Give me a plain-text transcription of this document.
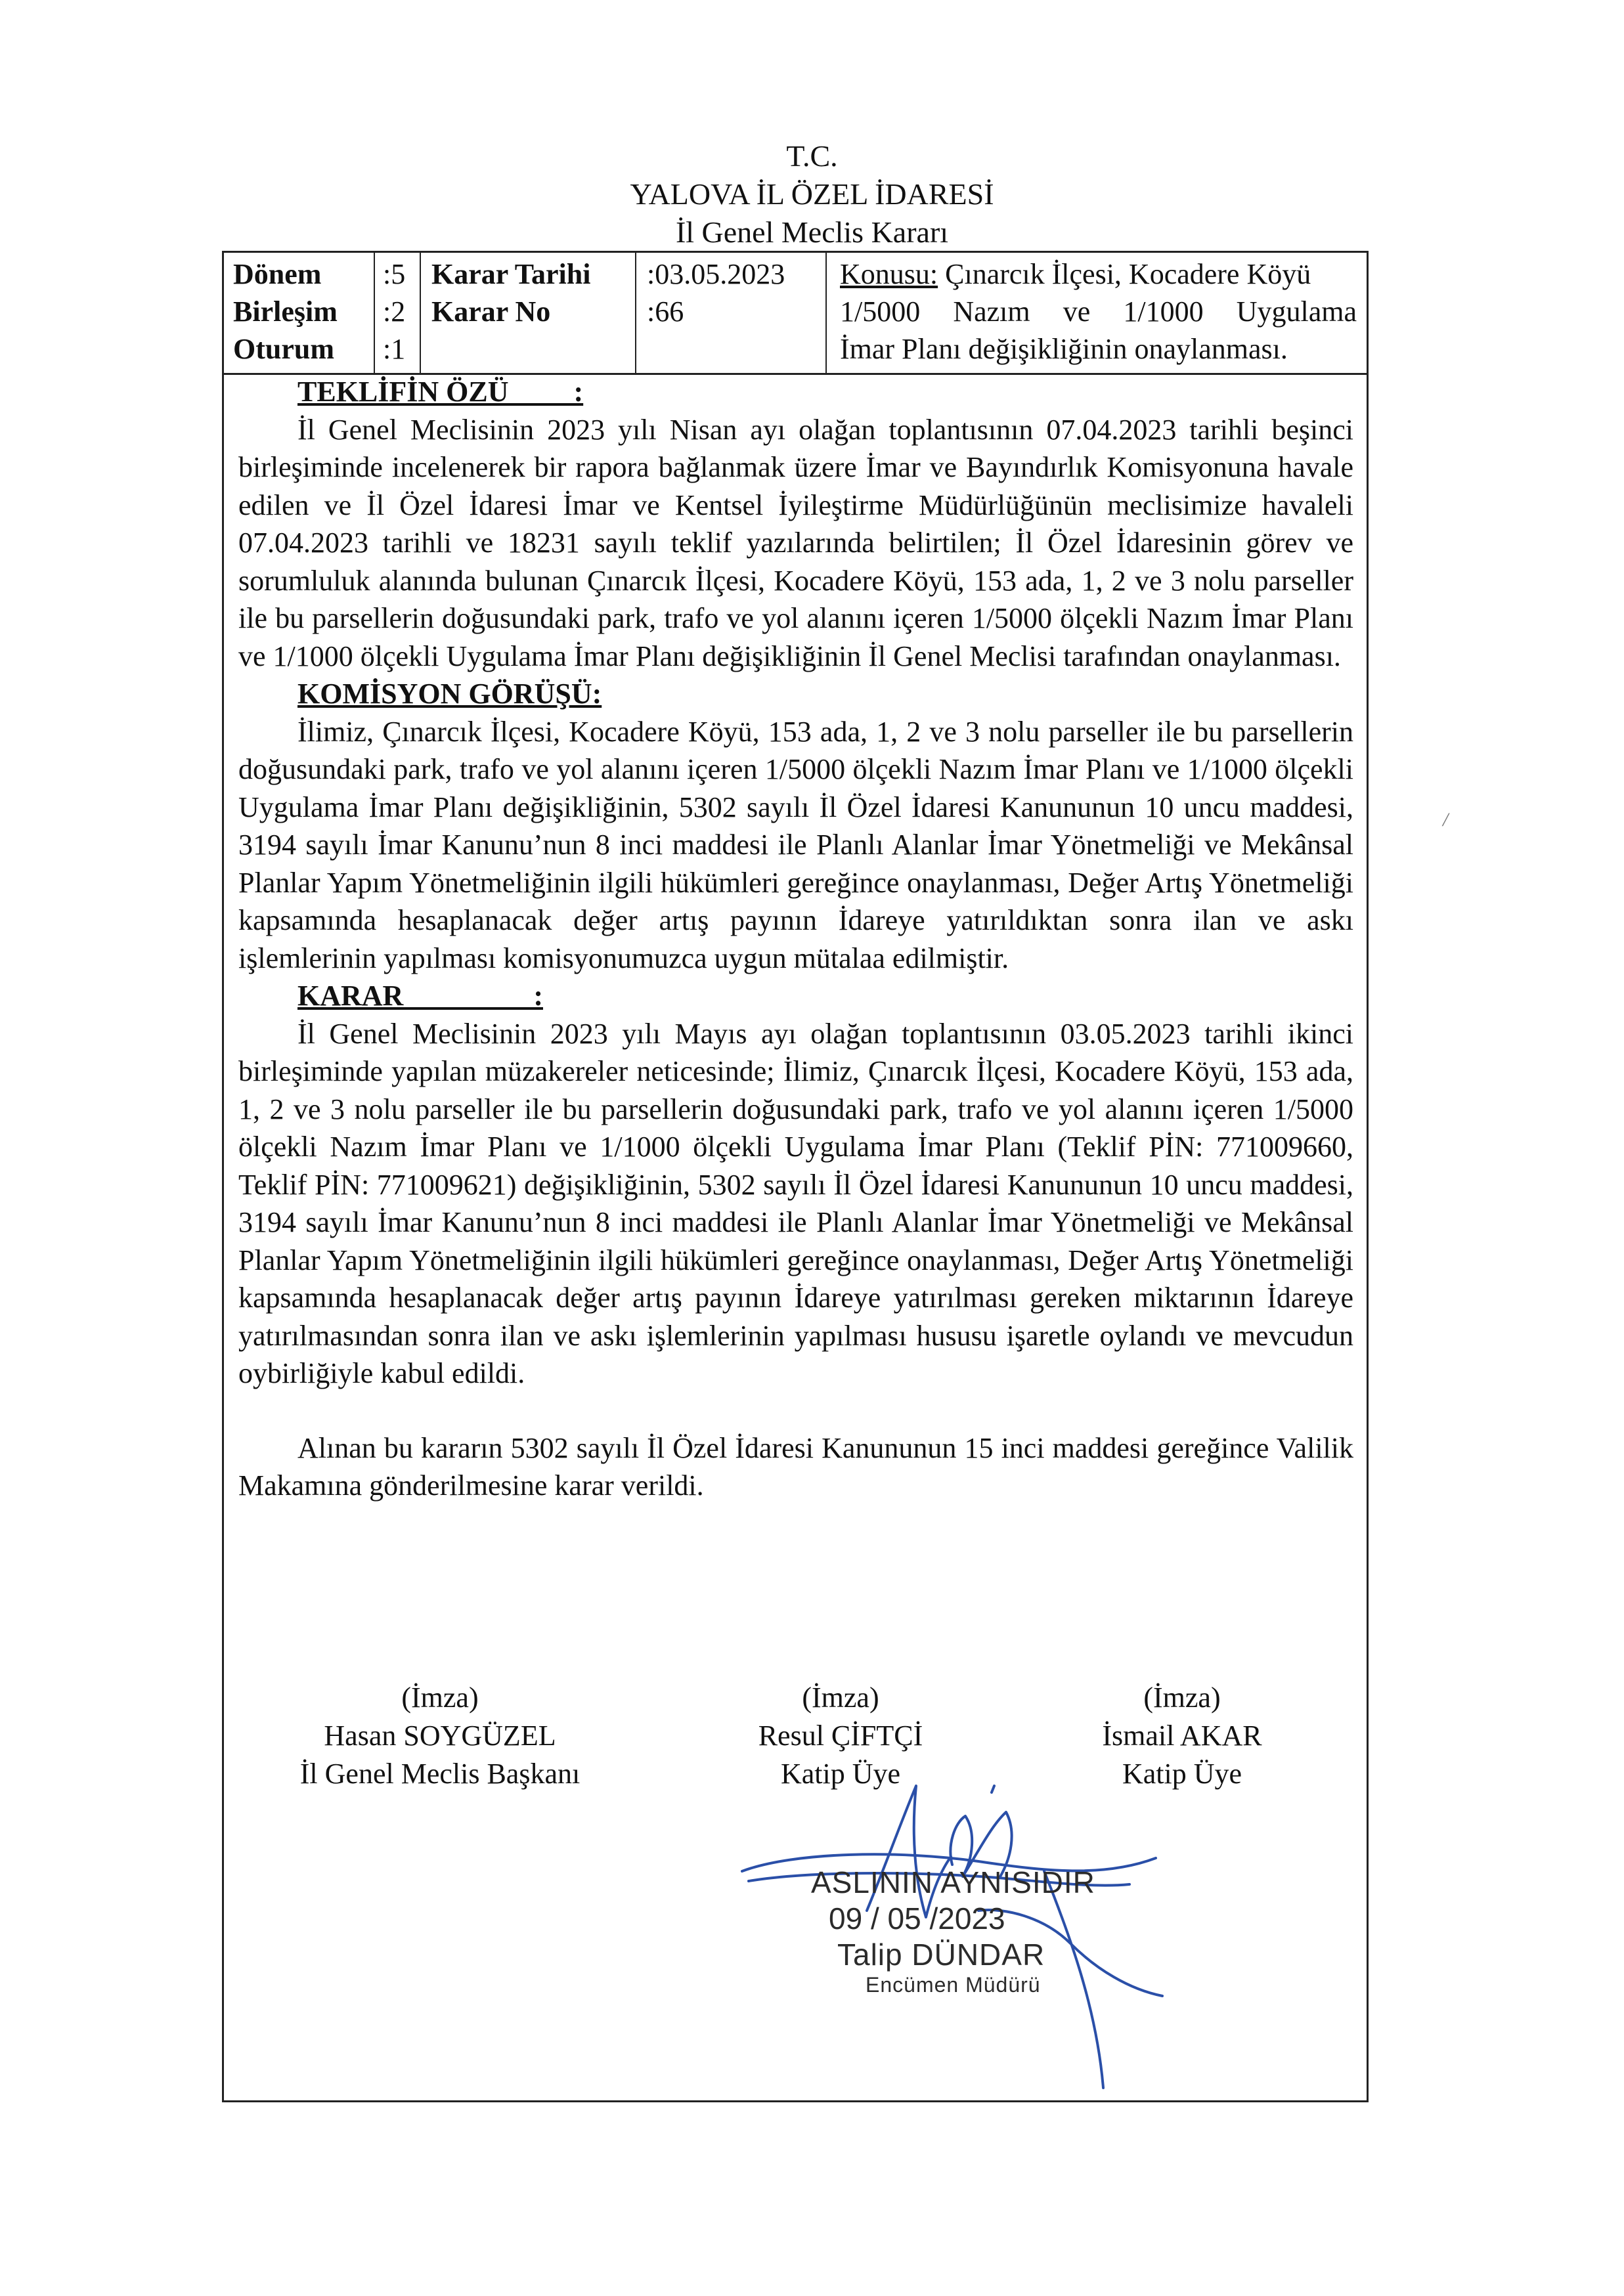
T.C.
YALOVA İL ÖZEL İDARESİ
İl Genel Meclis Kararı
Dönem
Birleşim
Oturum
:5
:2
:1
Karar Tarihi
Karar No
:03.05.2023
:66
Konusu: Çınarcık İlçesi, Kocadere Köyü
1/5000 Nazım ve 1/1000 Uygulama
İmar Planı değişikliğinin onaylanması.
TEKLİFİN ÖZÜ         :

İl Genel Meclisinin 2023 yılı Nisan ayı olağan toplantısının 07.04.2023 tarihli beşinci birleşiminde incelenerek bir rapora bağlanmak üzere İmar ve Bayındırlık Komisyonuna havale edilen ve İl Özel İdaresi İmar ve Kentsel İyileştirme Müdürlüğünün meclisimize havaleli 07.04.2023 tarihli ve 18231 sayılı teklif yazılarında belirtilen; İl Özel İdaresinin görev ve sorumluluk alanında bulunan Çınarcık İlçesi, Kocadere Köyü, 153 ada, 1, 2 ve 3 nolu parseller ile bu parsellerin doğusundaki park, trafo ve yol alanını içeren 1/5000 ölçekli Nazım İmar Planı ve 1/1000 ölçekli Uygulama İmar Planı değişikliğinin İl Genel Meclisi tarafından onaylanması.

KOMİSYON GÖRÜŞÜ:

İlimiz, Çınarcık İlçesi, Kocadere Köyü, 153 ada, 1, 2 ve 3 nolu parseller ile bu parsellerin doğusundaki park, trafo ve yol alanını içeren 1/5000 ölçekli Nazım İmar Planı ve 1/1000 ölçekli Uygulama İmar Planı değişikliğinin, 5302 sayılı İl Özel İdaresi Kanununun 10 uncu maddesi, 3194 sayılı İmar Kanunu’nun 8 inci maddesi ile Planlı Alanlar İmar Yönetmeliği ve Mekânsal Planlar Yapım Yönetmeliğinin ilgili hükümleri gereğince onaylanması, Değer Artış Yönetmeliği kapsamında hesaplanacak değer artış payının İdareye yatırıldıktan sonra ilan ve askı işlemlerinin yapılması komisyonumuzca uygun mütalaa edilmiştir.

KARAR                  :

İl Genel Meclisinin 2023 yılı Mayıs ayı olağan toplantısının 03.05.2023 tarihli ikinci birleşiminde yapılan müzakereler neticesinde; İlimiz, Çınarcık İlçesi, Kocadere Köyü, 153 ada, 1, 2 ve 3 nolu parseller ile bu parsellerin doğusundaki park, trafo ve yol alanını içeren 1/5000 ölçekli Nazım İmar Planı ve 1/1000 ölçekli Uygulama İmar Planı (Teklif PİN: 771009660, Teklif PİN: 771009621) değişikliğinin, 5302 sayılı İl Özel İdaresi Kanununun 10 uncu maddesi, 3194 sayılı İmar Kanunu’nun 8 inci maddesi ile Planlı Alanlar İmar Yönetmeliği ve Mekânsal Planlar Yapım Yönetmeliğinin ilgili hükümleri gereğince onaylanması, Değer Artış Yönetmeliği kapsamında hesaplanacak değer artış payının İdareye yatırılması gereken miktarının İdareye yatırılmasından sonra ilan ve askı işlemlerinin yapılması hususu işaretle oylandı ve mevcudun oybirliğiyle kabul edildi.

Alınan bu kararın 5302 sayılı İl Özel İdaresi Kanununun 15 inci maddesi gereğince Valilik Makamına gönderilmesine karar verildi.

(İmza)
Hasan SOYGÜZEL
İl Genel Meclis Başkanı
(İmza)
Resul ÇİFTÇİ
Katip Üye
(İmza)
İsmail AKAR
Katip Üye
ASLININ AYNISIDIR
09 / 05 /2023
Talip DÜNDAR
Encümen Müdürü
/
